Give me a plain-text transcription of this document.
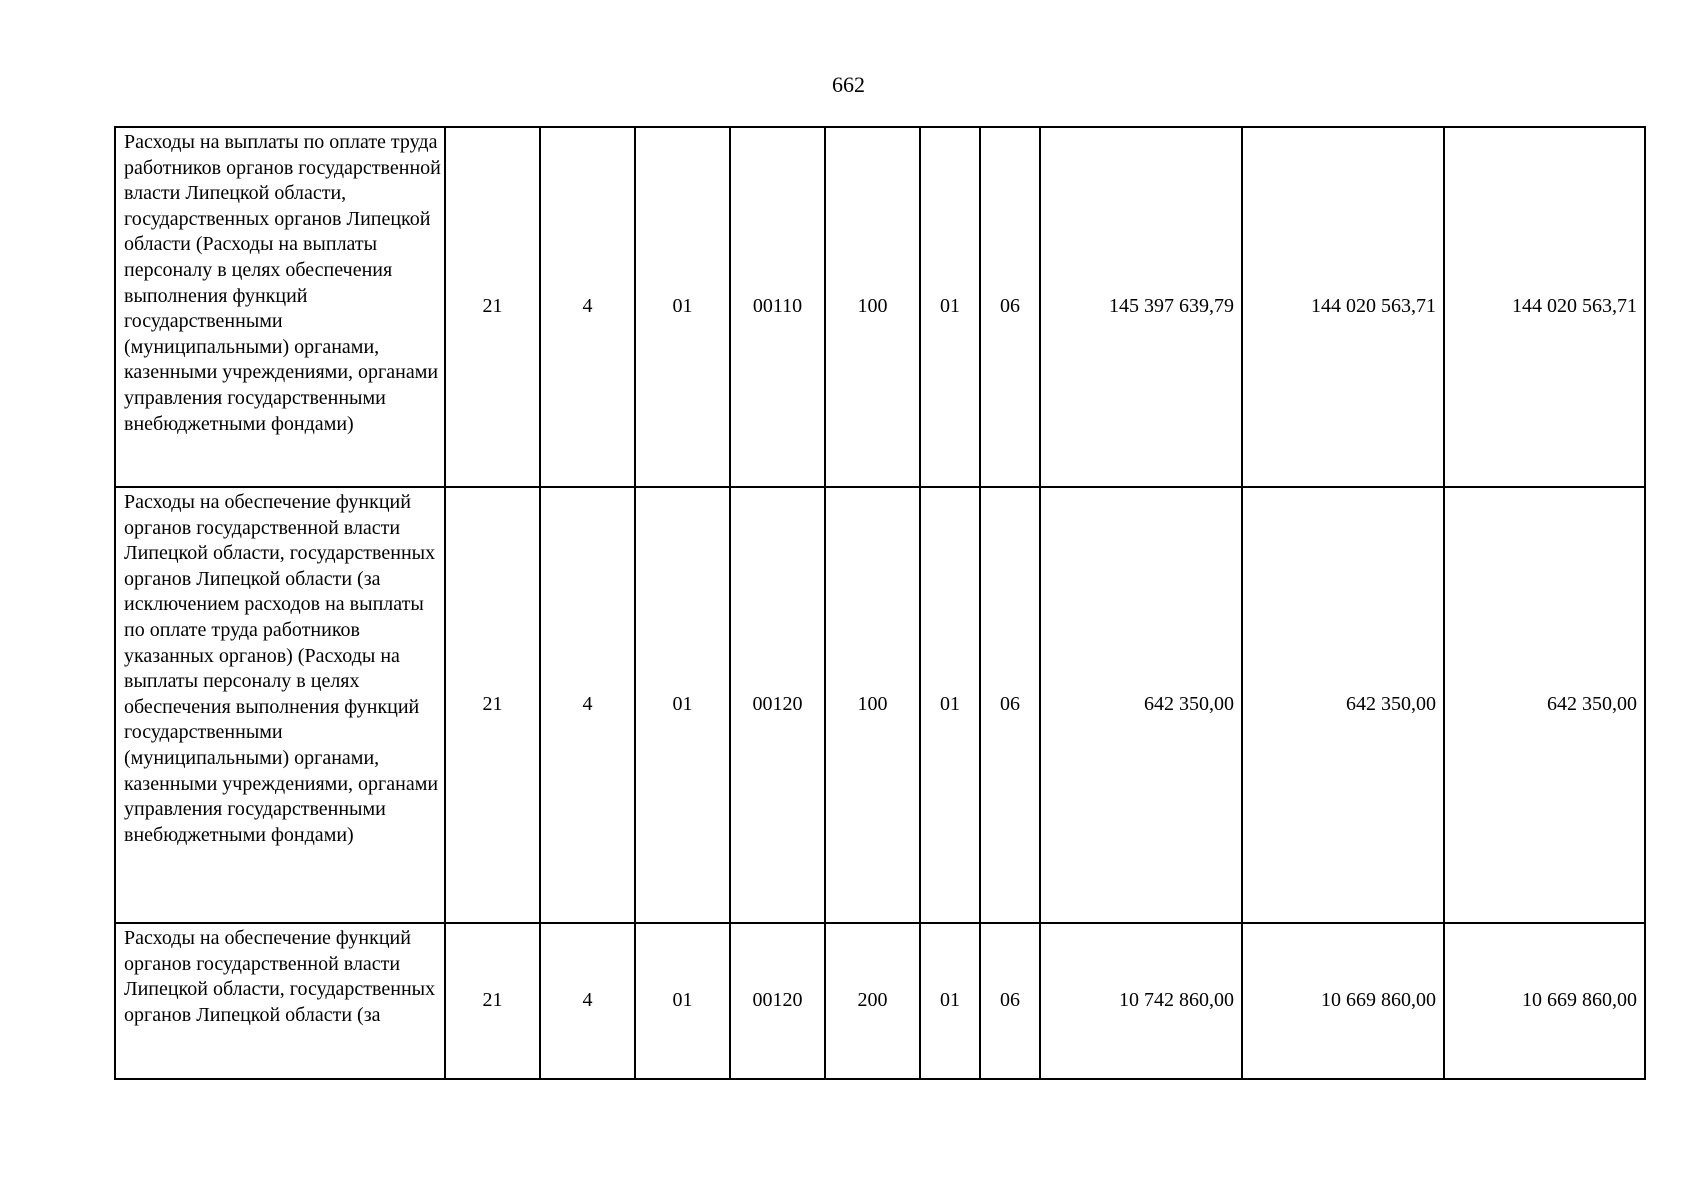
662
Расходы на выплаты по оплате труда работников органов государственной власти Липецкой области, государственных органов Липецкой области (Расходы на выплаты персоналу в целях обеспечения выполнения функций государственными (муниципальными) органами, казенными учреждениями, органами управления государственными внебюджетными фондами)	21	4	01	00110	100	01	06	145 397 639,79	144 020 563,71	144 020 563,71
Расходы на обеспечение функций органов государственной власти Липецкой области, государственных органов Липецкой области (за исключением расходов на выплаты по оплате труда работников указанных органов) (Расходы на выплаты персоналу в целях обеспечения выполнения функций государственными (муниципальными) органами, казенными учреждениями, органами управления государственными внебюджетными фондами)	21	4	01	00120	100	01	06	642 350,00	642 350,00	642 350,00

Расходы на обеспечение функций органов государственной власти Липецкой области, государственных органов Липецкой области (за	21	4	01	00120	200	01	06	10 742 860,00	10 669 860,00	10 669 860,00
